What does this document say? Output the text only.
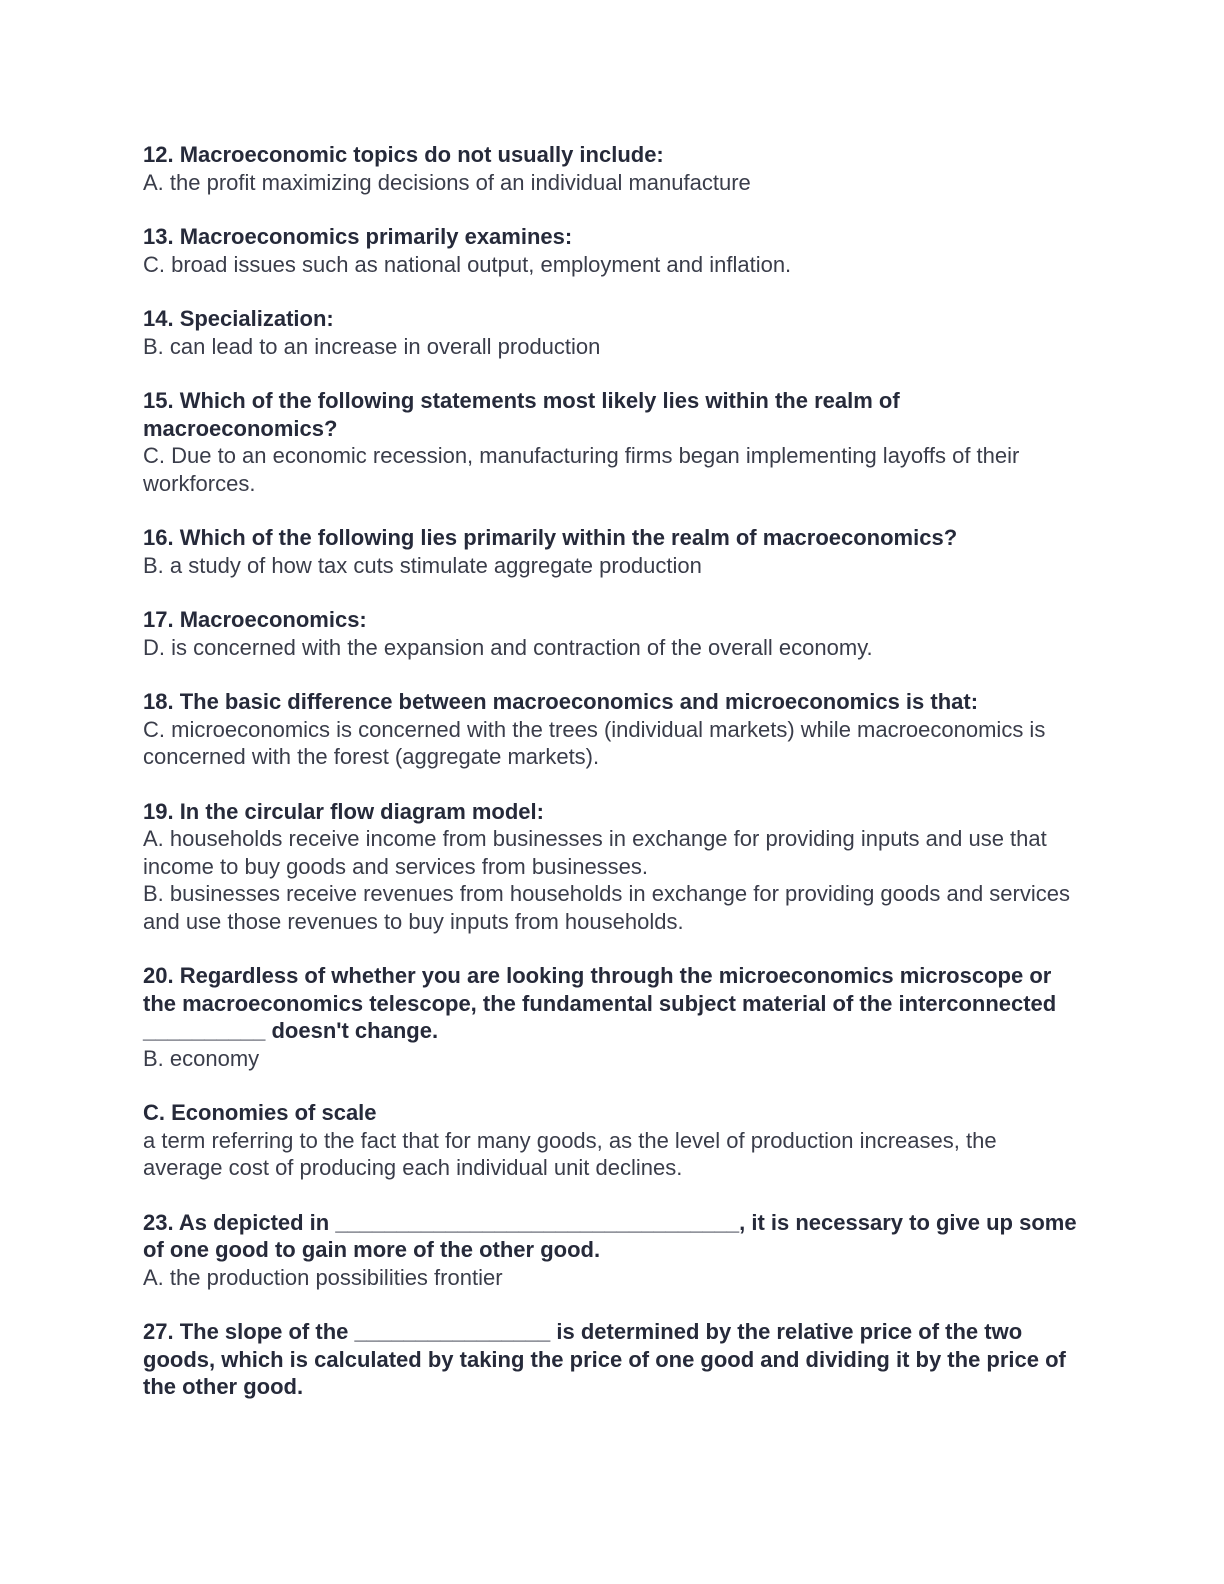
12. Macroeconomic topics do not usually include:

A. the profit maximizing decisions of an individual manufacture

13. Macroeconomics primarily examines:

C. broad issues such as national output, employment and inflation.

14. Specialization:

B. can lead to an increase in overall production

15. Which of the following statements most likely lies within the realm of macroeconomics?

C. Due to an economic recession, manufacturing firms began implementing layoffs of their workforces.

16. Which of the following lies primarily within the realm of macroeconomics?

B. a study of how tax cuts stimulate aggregate production

17. Macroeconomics:

D. is concerned with the expansion and contraction of the overall economy.

18. The basic difference between macroeconomics and microeconomics is that:

C. microeconomics is concerned with the trees (individual markets) while macroeconomics is concerned with the forest (aggregate markets).

19. In the circular flow diagram model:

A. households receive income from businesses in exchange for providing inputs and use that income to buy goods and services from businesses.

B. businesses receive revenues from households in exchange for providing goods and services and use those revenues to buy inputs from households.

20. Regardless of whether you are looking through the microeconomics microscope or the macroeconomics telescope, the fundamental subject material of the interconnected __________ doesn't change.

B. economy

C. Economies of scale

a term referring to the fact that for many goods, as the level of production increases, the average cost of producing each individual unit declines.

23. As depicted in _________________________________, it is necessary to give up some of one good to gain more of the other good.

A. the production possibilities frontier

27. The slope of the ________________ is determined by the relative price of the two goods, which is calculated by taking the price of one good and dividing it by the price of the other good.
